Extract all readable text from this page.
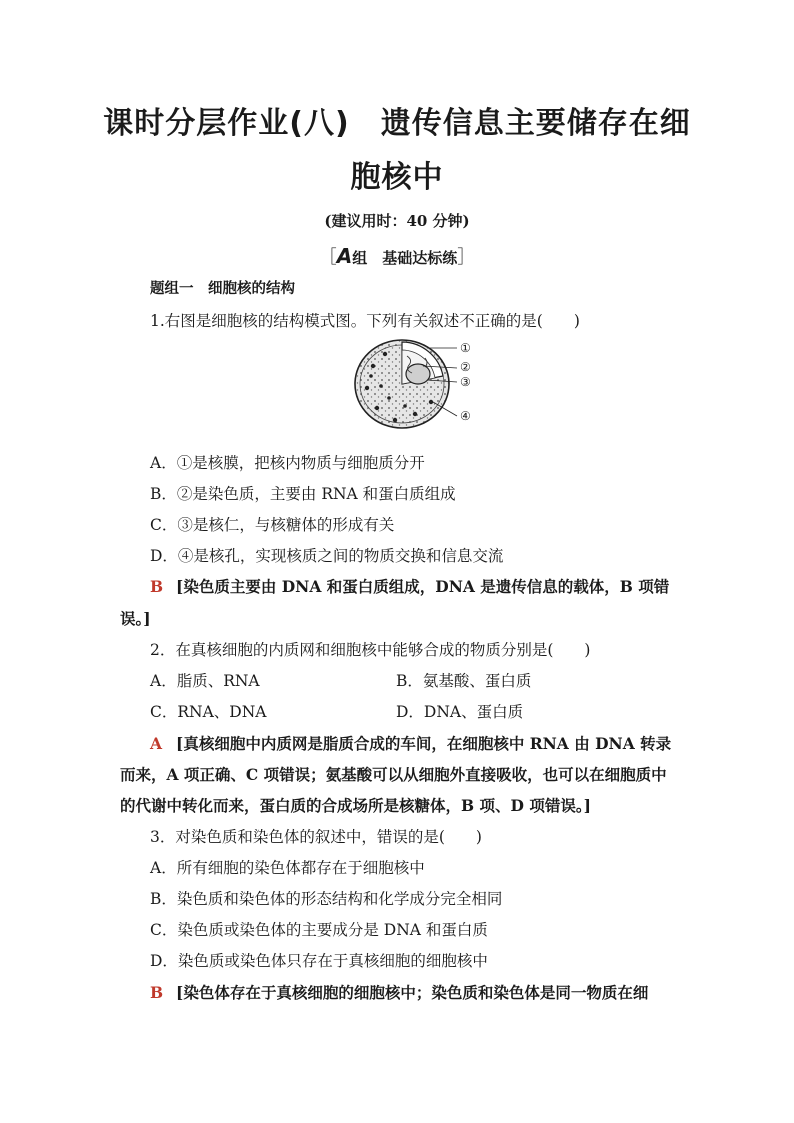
课时分层作业(八)　遗传信息主要储存在细
胞核中
(建议用时：40 分钟)
［A组　基础达标练］
题组一　细胞核的结构
1.右图是细胞核的结构模式图。下列有关叙述不正确的是(　　)
①
②
③
④
A．①是核膜，把核内物质与细胞质分开
B．②是染色质，主要由 RNA 和蛋白质组成
C．③是核仁，与核糖体的形成有关
D．④是核孔，实现核质之间的物质交换和信息交流
B [染色质主要由 DNA 和蛋白质组成，DNA 是遗传信息的载体，B 项错
误。]
2．在真核细胞的内质网和细胞核中能够合成的物质分别是(　　)
A．脂质、RNA	B．氨基酸、蛋白质
C．RNA、DNA	D．DNA、蛋白质
A [真核细胞中内质网是脂质合成的车间，在细胞核中 RNA 由 DNA 转录
而来，A 项正确、C 项错误；氨基酸可以从细胞外直接吸收，也可以在细胞质中
的代谢中转化而来，蛋白质的合成场所是核糖体，B 项、D 项错误。]
3．对染色质和染色体的叙述中，错误的是(　　)
A．所有细胞的染色体都存在于细胞核中
B．染色质和染色体的形态结构和化学成分完全相同
C．染色质或染色体的主要成分是 DNA 和蛋白质
D．染色质或染色体只存在于真核细胞的细胞核中
B [染色体存在于真核细胞的细胞核中；染色质和染色体是同一物质在细
